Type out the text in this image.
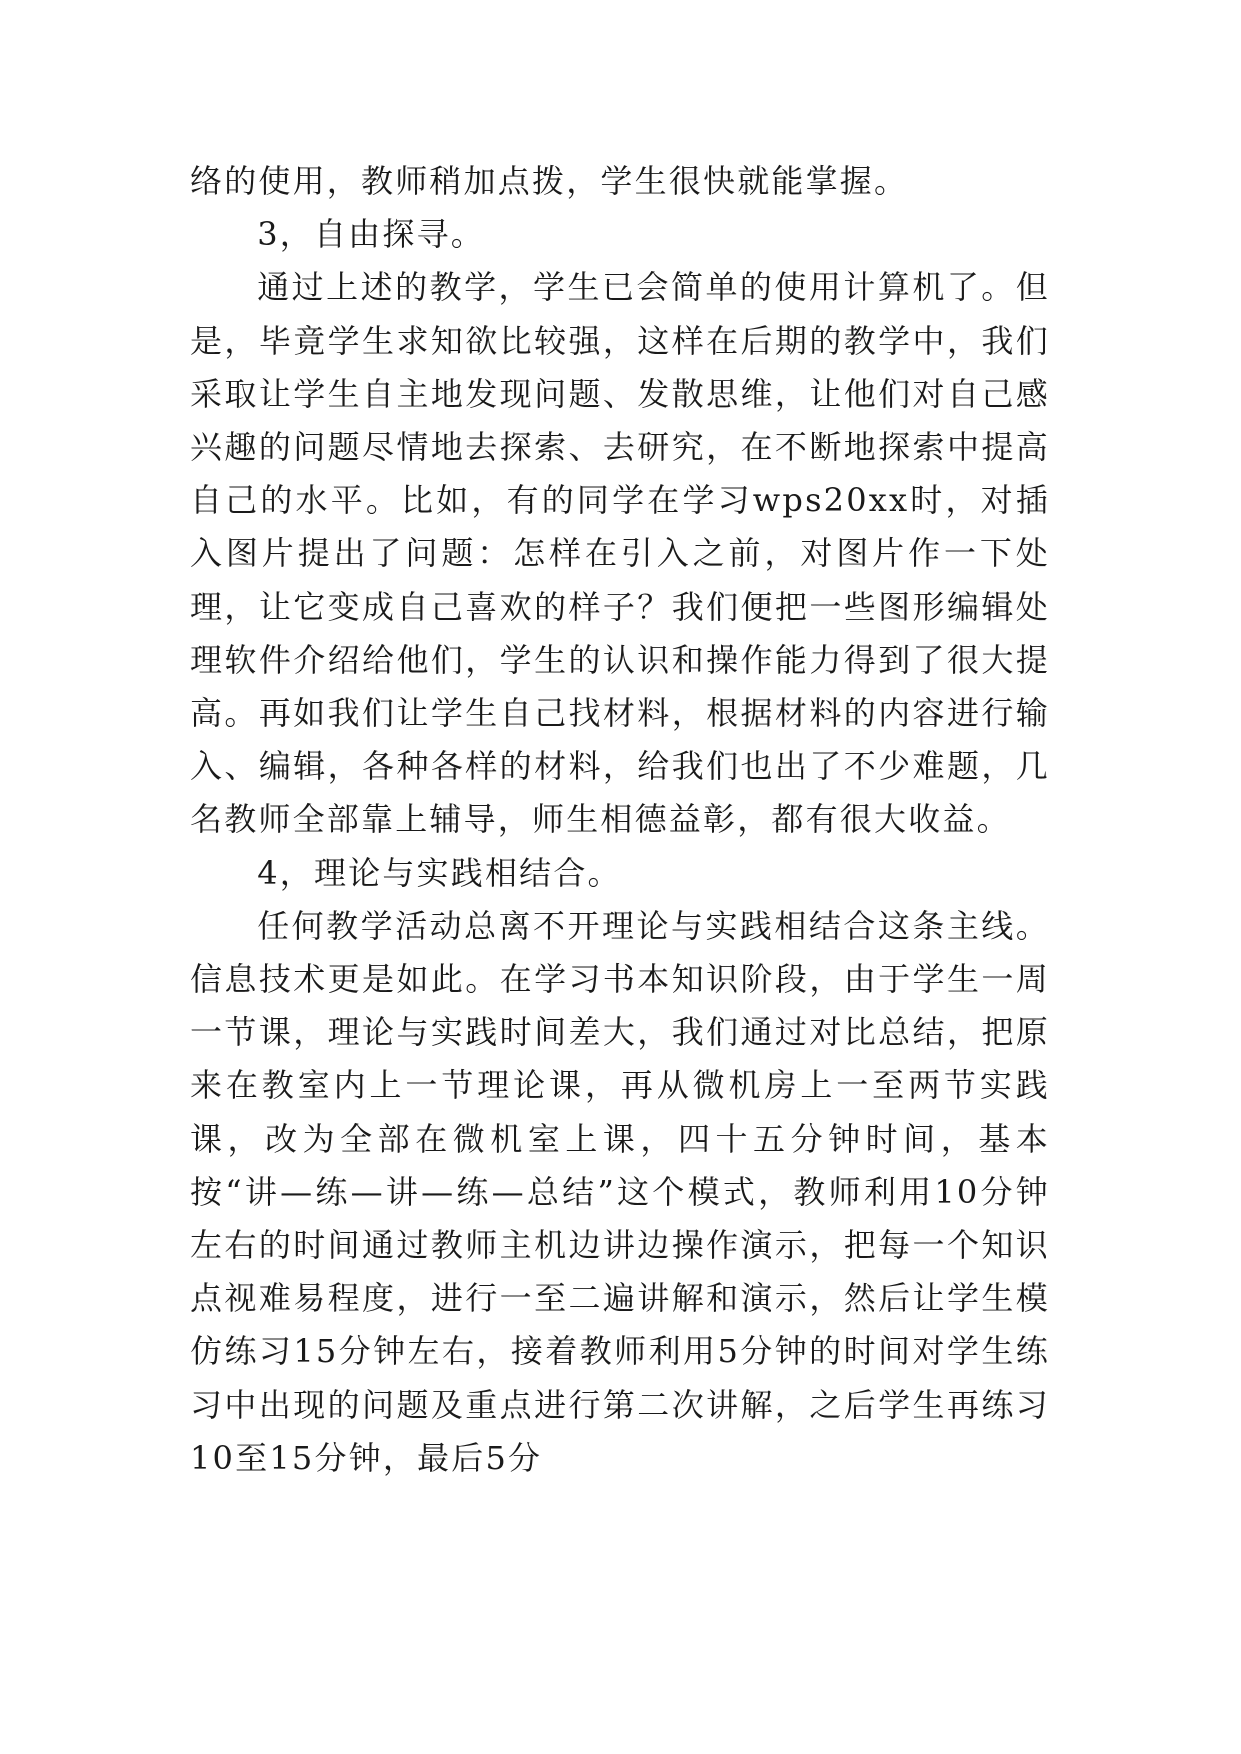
络的使用，教师稍加点拨，学生很快就能掌握。

3，自由探寻。

通过上述的教学，学生已会简单的使用计算机了。但是，毕竟学生求知欲比较强，这样在后期的教学中，我们采取让学生自主地发现问题、发散思维，让他们对自己感兴趣的问题尽情地去探索、去研究，在不断地探索中提高自己的水平。比如，有的同学在学习wps20xx时，对插入图片提出了问题：怎样在引入之前，对图片作一下处理，让它变成自己喜欢的样子？我们便把一些图形编辑处理软件介绍给他们，学生的认识和操作能力得到了很大提高。再如我们让学生自己找材料，根据材料的内容进行输入、编辑，各种各样的材料，给我们也出了不少难题，几名教师全部靠上辅导，师生相德益彰，都有很大收益。

4，理论与实践相结合。

任何教学活动总离不开理论与实践相结合这条主线。信息技术更是如此。在学习书本知识阶段，由于学生一周一节课，理论与实践时间差大，我们通过对比总结，把原来在教室内上一节理论课，再从微机房上一至两节实践课，改为全部在微机室上课，四十五分钟时间，基本按“讲—练—讲—练—总结”这个模式，教师利用10分钟左右的时间通过教师主机边讲边操作演示，把每一个知识点视难易程度，进行一至二遍讲解和演示，然后让学生模仿练习15分钟左右，接着教师利用5分钟的时间对学生练习中出现的问题及重点进行第二次讲解，之后学生再练习10至15分钟，最后5分
